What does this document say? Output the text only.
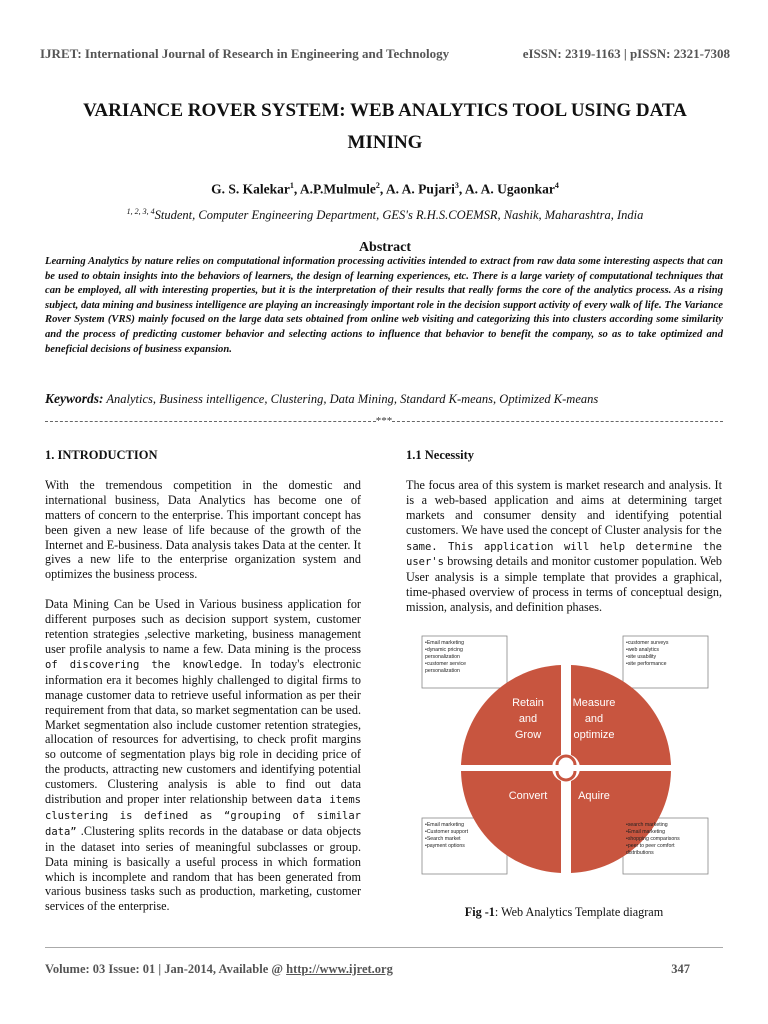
IJRET: International Journal of Research in Engineering and Technology	eISSN: 2319-1163 | pISSN: 2321-7308
VARIANCE ROVER SYSTEM: WEB ANALYTICS TOOL USING DATA
MINING
G. S. Kalekar$^1$, A.P.Mulmule$^2$, A. A. Pujari$^3$, A. A. Ugaonkar$^4$
$^{1, 2, 3, 4}$Student, Computer Engineering Department, GES's R.H.S.COEMSR, Nashik, Maharashtra, India
Abstract
Learning Analytics by nature relies on computational information processing activities intended to extract from raw data some interesting aspects that can be used to obtain insights into the behaviors of learners, the design of learning experiences, etc. There is a large variety of computational techniques that can be employed, all with interesting properties, but it is the interpretation of their results that really forms the core of the analytics process. As a rising subject, data mining and business intelligence are playing an increasingly important role in the decision support activity of every walk of life. The Variance Rover System (VRS) mainly focused on the large data sets obtained from online web visiting and categorizing this into clusters according some similarity and the process of predicting customer behavior and selecting actions to influence that behavior to benefit the company, so as to take optimized and beneficial decisions of business expansion.
Keywords: Analytics, Business intelligence, Clustering, Data Mining, Standard K-means, Optimized K-means
***
1. INTRODUCTION

With the tremendous competition in the domestic and international business, Data Analytics has become one of matters of concern to the enterprise. This important concept has been given a new lease of life because of the growth of the Internet and E-business. Data analysis takes Data at the center. It gives a new life to the enterprise organization system and optimizes the business process.

Data Mining Can be Used in Various business application for different purposes such as decision support system, customer retention strategies ,selective marketing, business management user profile analysis to name a few. Data mining is the process of discovering the knowledge. In today's electronic information era it becomes highly challenged to digital firms to manage customer data to retrieve useful information as per their requirement from that data, so market segmentation can be used. Market segmentation also include customer retention strategies, allocation of resources for advertising, to check profit margins so outcome of segmentation plays big role in deciding price of the products, attracting new customers and identifying potential customers. Clustering analysis is able to find out data distribution and proper inter relationship between data items clustering is defined as “grouping of similar data” .Clustering splits records in the database or data objects in the dataset into series of meaningful subclasses or group. Data mining is basically a useful process in which formation which is incomplete and random that has been generated from various business tasks such as production, marketing, customer services of the enterprise.

1.1 Necessity

The focus area of this system is market research and analysis. It is a web-based application and aims at determining target markets and consumer density and identifying potential customers. We have used the concept of Cluster analysis for the same. This application will help determine the user's browsing details and monitor customer population. Web User analysis is a simple template that provides a graphical, time-phased overview of process in terms of conceptual design, mission, analysis, and definition phases.

Retain
and
Grow
Measure
and
optimize
Convert	Aquire
•Email marketing
•dynamic pricing
personalization
•customer service
personalization
•customer surveys
•web analytics
•site usability
•site performance
•Email marketing
•Customer support
•Search market
•payment options
•search marketing
•Email marketing
•shopping comparisons
•peer to peer comfort
distributions
Fig -1: Web Analytics Template diagram
Volume: 03 Issue: 01 | Jan-2014, Available @ http://www.ijret.org	347
